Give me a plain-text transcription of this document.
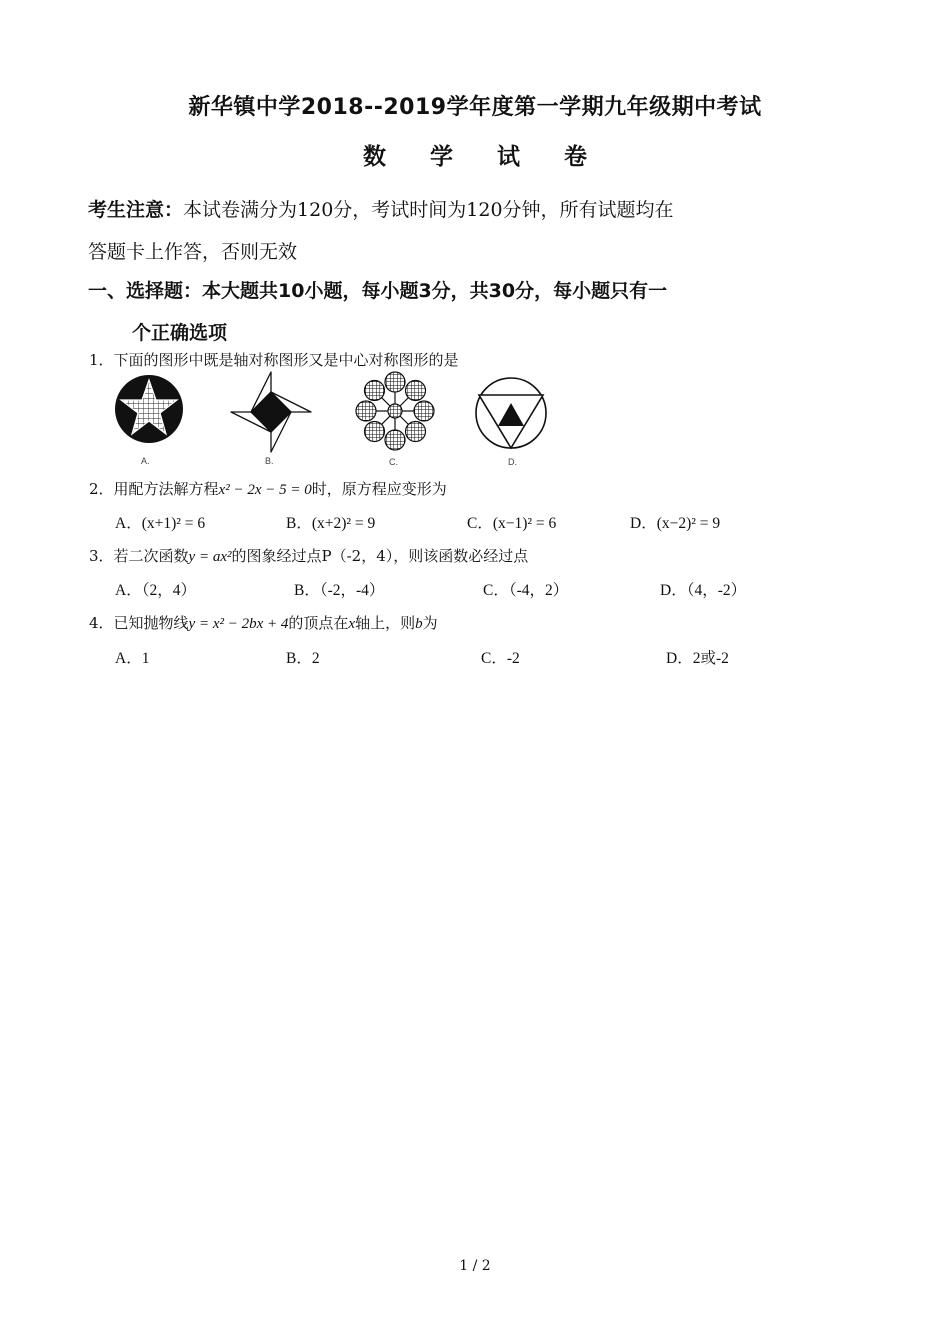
新华镇中学2018--2019学年度第一学期九年级期中考试
数 学 试 卷
考生注意：本试卷满分为120分，考试时间为120分钟，所有试题均在
答题卡上作答，否则无效
一、选择题：本大题共10小题，每小题3分，共30分，每小题只有一
个正确选项
1．下面的图形中既是轴对称图形又是中心对称图形的是
A.	B.	C.	D.
2．用配方法解方程x² − 2x − 5 = 0时，原方程应变形为
A．(x+1)² = 6	B．(x+2)² = 9	C．(x−1)² = 6	D．(x−2)² = 9
3．若二次函数y = ax²的图象经过点P（-2，4），则该函数必经过点
A．（2，4）	B．（-2，-4）	C．（-4，2）	D．（4，-2）
4．已知抛物线y = x² − 2bx + 4的顶点在x轴上，则b为
A．1	B．2	C．-2	D．2或-2
1 / 2
